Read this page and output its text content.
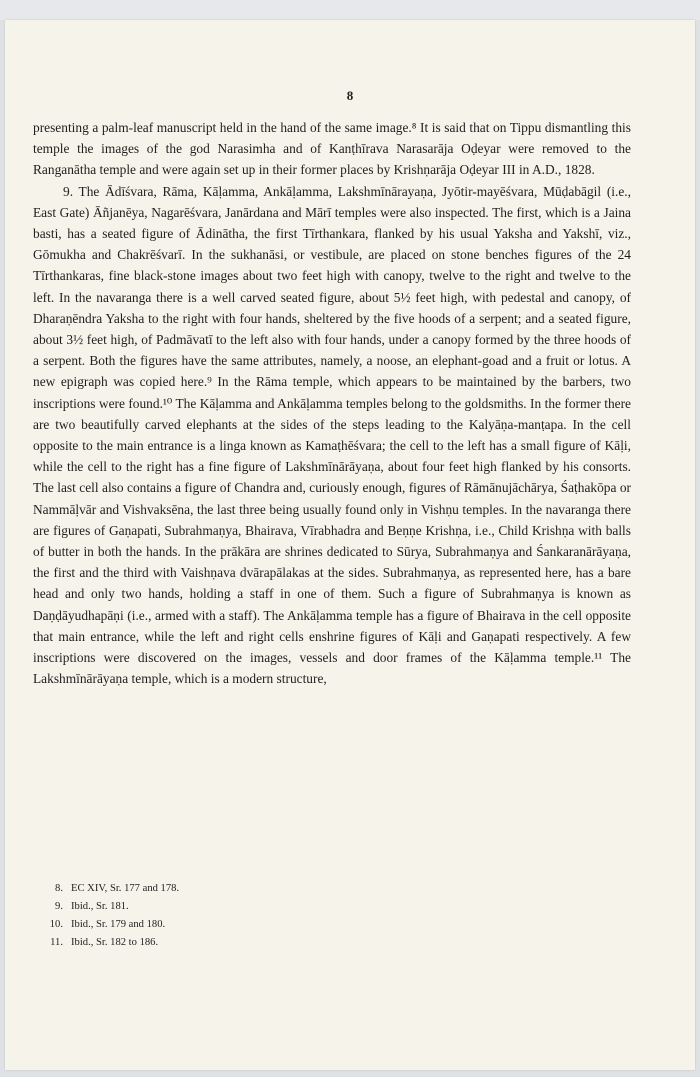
8

presenting a palm-leaf manuscript held in the hand of the same image.⁸ It is said that on Tippu dismantling this temple the images of the god Narasimha and of Kanṭhīrava Narasarāja Oḍeyar were removed to the Ranganātha temple and were again set up in their former places by Krishṇarāja Oḍeyar III in A.D., 1828.

9. The Ādīśvara, Rāma, Kāḷamma, Ankāḷamma, Lakshmīnārayaṇa, Jyōtir-mayēśvara, Mūḍabāgil (i.e., East Gate) Āñjanēya, Nagarēśvara, Janārdana and Mārī temples were also inspected. The first, which is a Jaina basti, has a seated figure of Ādinātha, the first Tīrthankara, flanked by his usual Yaksha and Yakshī, viz., Gōmukha and Chakrēśvarī. In the sukhanāsi, or vestibule, are placed on stone benches figures of the 24 Tīrthankaras, fine black-stone images about two feet high with canopy, twelve to the right and twelve to the left. In the navaranga there is a well carved seated figure, about 5½ feet high, with pedestal and canopy, of Dharaṇēndra Yaksha to the right with four hands, sheltered by the five hoods of a serpent; and a seated figure, about 3½ feet high, of Padmāvatī to the left also with four hands, under a canopy formed by the three hoods of a serpent. Both the figures have the same attributes, namely, a noose, an elephant-goad and a fruit or lotus. A new epigraph was copied here.⁹ In the Rāma temple, which appears to be maintained by the barbers, two inscriptions were found.¹⁰ The Kāḷamma and Ankāḷamma temples belong to the goldsmiths. In the former there are two beautifully carved elephants at the sides of the steps leading to the Kalyāṇa-manṭapa. In the cell opposite to the main entrance is a linga known as Kamaṭhēśvara; the cell to the left has a small figure of Kāḷi, while the cell to the right has a fine figure of Lakshmīnārāyaṇa, about four feet high flanked by his consorts. The last cell also contains a figure of Chandra and, curiously enough, figures of Rāmānujāchārya, Śaṭhakōpa or Nammāḷvār and Vishvaksēna, the last three being usually found only in Vishṇu temples. In the navaranga there are figures of Gaṇapati, Subrahmaṇya, Bhairava, Vīrabhadra and Beṇṇe Krishṇa, i.e., Child Krishṇa with balls of butter in both the hands. In the prākāra are shrines dedicated to Sūrya, Subrahmaṇya and Śankaranārāyaṇa, the first and the third with Vaishṇava dvārapālakas at the sides. Subrahmaṇya, as represented here, has a bare head and only two hands, holding a staff in one of them. Such a figure of Subrahmaṇya is known as Daṇḍāyudhapāṇi (i.e., armed with a staff). The Ankāḷamma temple has a figure of Bhairava in the cell opposite that main entrance, while the left and right cells enshrine figures of Kāḷi and Gaṇapati respectively. A few inscriptions were discovered on the images, vessels and door frames of the Kāḷamma temple.¹¹ The Lakshmīnārāyaṇa temple, which is a modern structure,

8. EC XIV, Sr. 177 and 178.
9. Ibid., Sr. 181.
10. Ibid., Sr. 179 and 180.
11. Ibid., Sr. 182 to 186.
